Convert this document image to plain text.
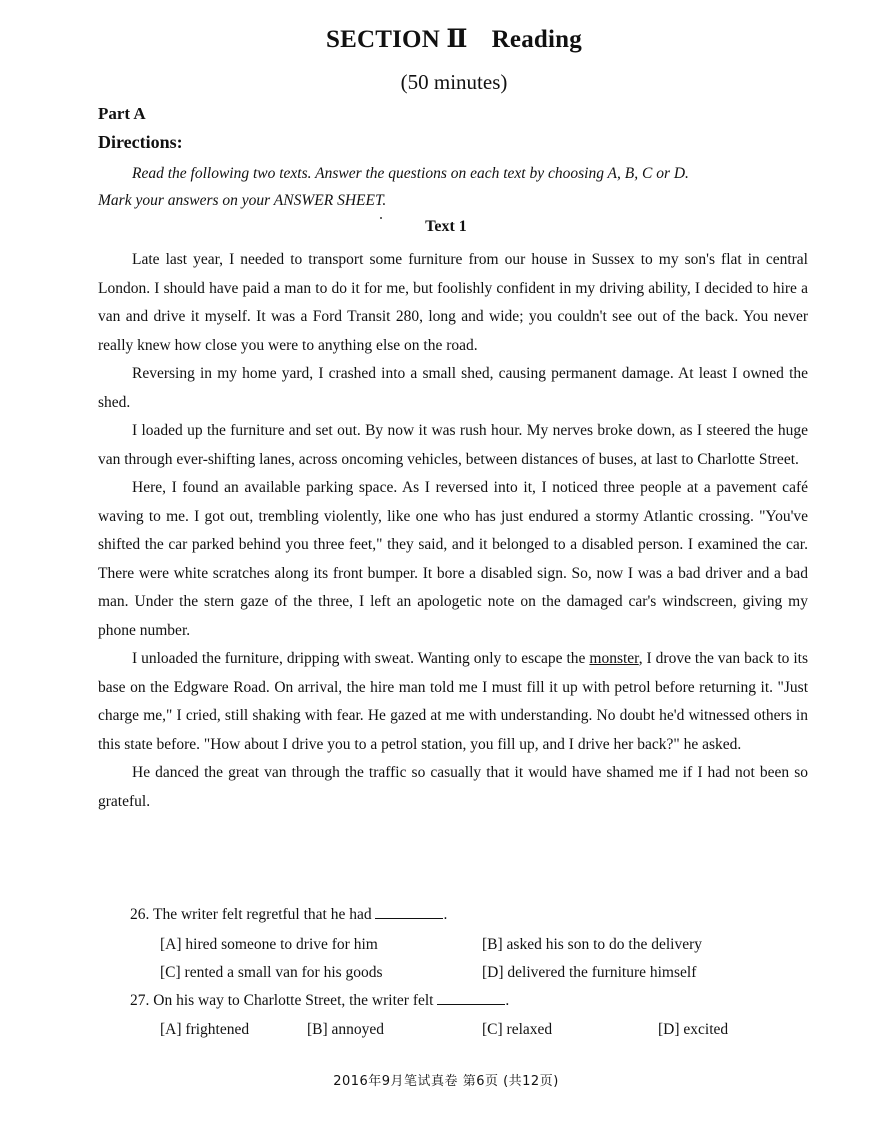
SECTION Ⅱ Reading
(50 minutes)
Part A
Directions:
Read the following two texts. Answer the questions on each text by choosing A, B, C or D.
Mark your answers on your ANSWER SHEET.
Text 1

Late last year, I needed to transport some furniture from our house in Sussex to my son's flat in central London. I should have paid a man to do it for me, but foolishly confident in my driving ability, I decided to hire a van and drive it myself. It was a Ford Transit 280, long and wide; you couldn't see out of the back. You never really knew how close you were to anything else on the road.

Reversing in my home yard, I crashed into a small shed, causing permanent damage. At least I owned the shed.

I loaded up the furniture and set out. By now it was rush hour. My nerves broke down, as I steered the huge van through ever-shifting lanes, across oncoming vehicles, between distances of buses, at last to Charlotte Street.

Here, I found an available parking space. As I reversed into it, I noticed three people at a pavement café waving to me. I got out, trembling violently, like one who has just endured a stormy Atlantic crossing. "You've shifted the car parked behind you three feet," they said, and it belonged to a disabled person. I examined the car. There were white scratches along its front bumper. It bore a disabled sign. So, now I was a bad driver and a bad man. Under the stern gaze of the three, I left an apologetic note on the damaged car's windscreen, giving my phone number.

I unloaded the furniture, dripping with sweat. Wanting only to escape the monster, I drove the van back to its base on the Edgware Road. On arrival, the hire man told me I must fill it up with petrol before returning it. "Just charge me," I cried, still shaking with fear. He gazed at me with understanding. No doubt he'd witnessed others in this state before. "How about I drive you to a petrol station, you fill up, and I drive her back?" he asked.

He danced the great van through the traffic so casually that it would have shamed me if I had not been so grateful.

26. The writer felt regretful that he had	.
[A] hired someone to drive for him	[B] asked his son to do the delivery
[C] rented a small van for his goods	[D] delivered the furniture himself
27. On his way to Charlotte Street, the writer felt	.
[A] frightened	[B] annoyed	[C] relaxed	[D] excited
2016年9月笔试真卷 第6页 (共12页)
